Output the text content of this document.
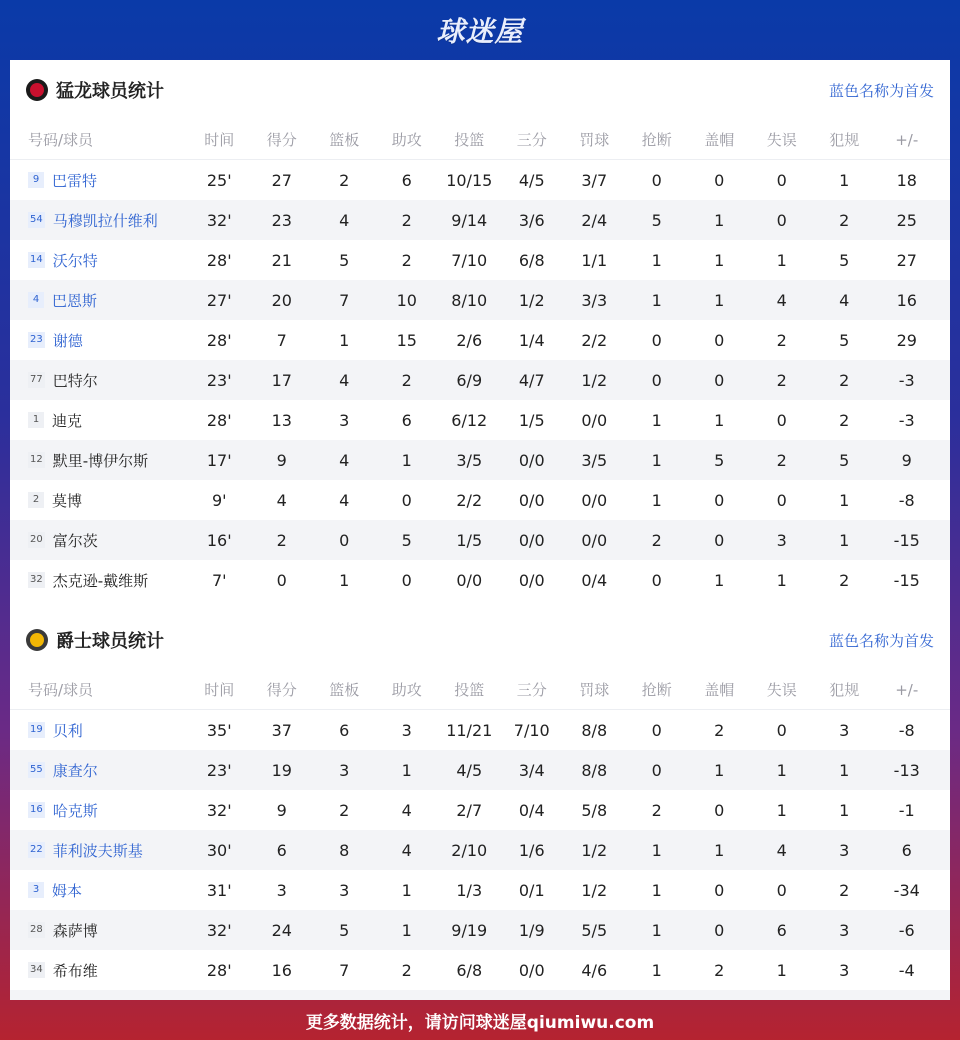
球迷屋
猛龙球员统计	蓝色名称为首发
号码/球员	时间	得分	篮板	助攻	投篮	三分	罚球	抢断	盖帽	失误	犯规	+/-
9 巴雷特	25'	27	2	6	10/15	4/5	3/7	0	0	0	1	18
54 马穆凯拉什维利	32'	23	4	2	9/14	3/6	2/4	5	1	0	2	25
14 沃尔特	28'	21	5	2	7/10	6/8	1/1	1	1	1	5	27
4 巴恩斯	27'	20	7	10	8/10	1/2	3/3	1	1	4	4	16
23 谢德	28'	7	1	15	2/6	1/4	2/2	0	0	2	5	29
77 巴特尔	23'	17	4	2	6/9	4/7	1/2	0	0	2	2	-3
1 迪克	28'	13	3	6	6/12	1/5	0/0	1	1	0	2	-3
12 默里-博伊尔斯	17'	9	4	1	3/5	0/0	3/5	1	5	2	5	9
2 莫博	9'	4	4	0	2/2	0/0	0/0	1	0	0	1	-8
20 富尔茨	16'	2	0	5	1/5	0/0	0/0	2	0	3	1	-15
32 杰克逊-戴维斯	7'	0	1	0	0/0	0/0	0/4	0	1	1	2	-15
爵士球员统计	蓝色名称为首发
号码/球员	时间	得分	篮板	助攻	投篮	三分	罚球	抢断	盖帽	失误	犯规	+/-
19 贝利	35'	37	6	3	11/21	7/10	8/8	0	2	0	3	-8
55 康查尔	23'	19	3	1	4/5	3/4	8/8	0	1	1	1	-13
16 哈克斯	32'	9	2	4	2/7	0/4	5/8	2	0	1	1	-1
22 菲利波夫斯基	30'	6	8	4	2/10	1/6	1/2	1	1	4	3	6
3 姆本	31'	3	3	1	1/3	0/1	1/2	1	0	0	2	-34
28 森萨博	32'	24	5	1	9/19	1/9	5/5	1	0	6	3	-6
34 希布维	28'	16	7	2	6/8	0/0	4/6	1	2	1	3	-4
更多数据统计，请访问球迷屋qiumiwu.com
